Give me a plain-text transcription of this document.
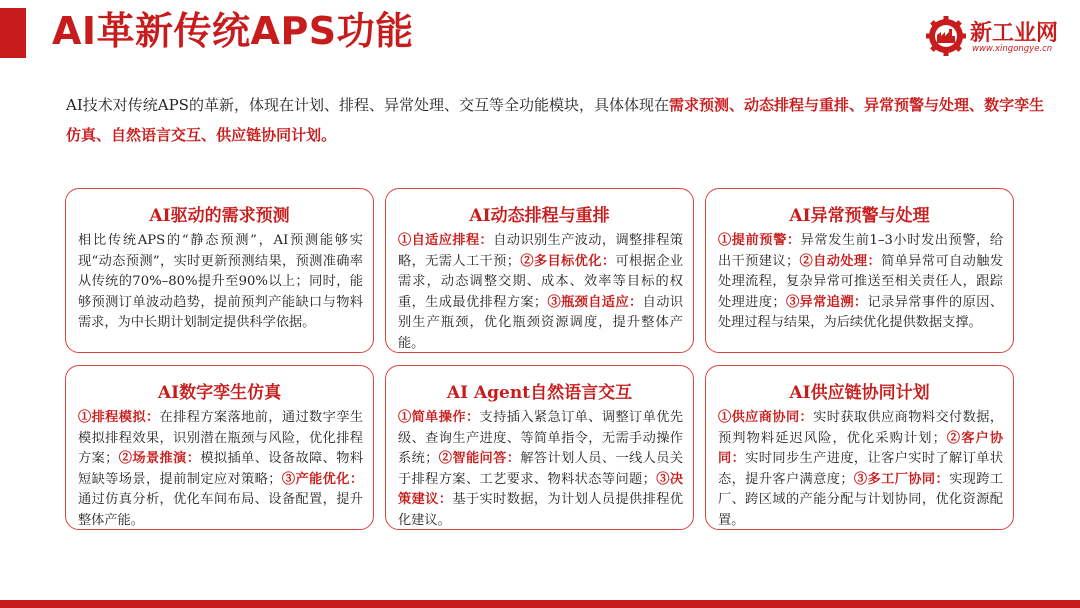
AI革新传统APS功能	新工业网
www.xingongye.cn
AI技术对传统APS的革新，体现在计划、排程、异常处理、交互等全功能模块，具体体现在需求预测、动态排程与重排、异常预警与处理、数字孪生仿真、自然语言交互、供应链协同计划。
AI驱动的需求预测
相比传统APS的“静态预测”，AI预测能够实现“动态预测”，实时更新预测结果，预测准确率从传统的70%–80%提升至90%以上；同时，能够预测订单波动趋势，提前预判产能缺口与物料需求，为中长期计划制定提供科学依据。
AI动态排程与重排
①自适应排程：自动识别生产波动，调整排程策略，无需人工干预；②多目标优化：可根据企业需求，动态调整交期、成本、效率等目标的权重，生成最优排程方案；③瓶颈自适应：自动识别生产瓶颈，优化瓶颈资源调度，提升整体产能。
AI异常预警与处理
①提前预警：异常发生前1–3小时发出预警，给出干预建议；②自动处理：简单异常可自动触发处理流程，复杂异常可推送至相关责任人，跟踪处理进度；③异常追溯：记录异常事件的原因、处理过程与结果，为后续优化提供数据支撑。
AI数字孪生仿真
①排程模拟：在排程方案落地前，通过数字孪生模拟排程效果，识别潜在瓶颈与风险，优化排程方案；②场景推演：模拟插单、设备故障、物料短缺等场景，提前制定应对策略；③产能优化：通过仿真分析，优化车间布局、设备配置，提升整体产能。
AI Agent自然语言交互
①简单操作：支持插入紧急订单、调整订单优先级、查询生产进度、等简单指令，无需手动操作系统；②智能问答：解答计划人员、一线人员关于排程方案、工艺要求、物料状态等问题；③决策建议：基于实时数据，为计划人员提供排程优化建议。
AI供应链协同计划
①供应商协同：实时获取供应商物料交付数据，预判物料延迟风险，优化采购计划；②客户协同：实时同步生产进度，让客户实时了解订单状态，提升客户满意度；③多工厂协同：实现跨工厂、跨区域的产能分配与计划协同，优化资源配置。
